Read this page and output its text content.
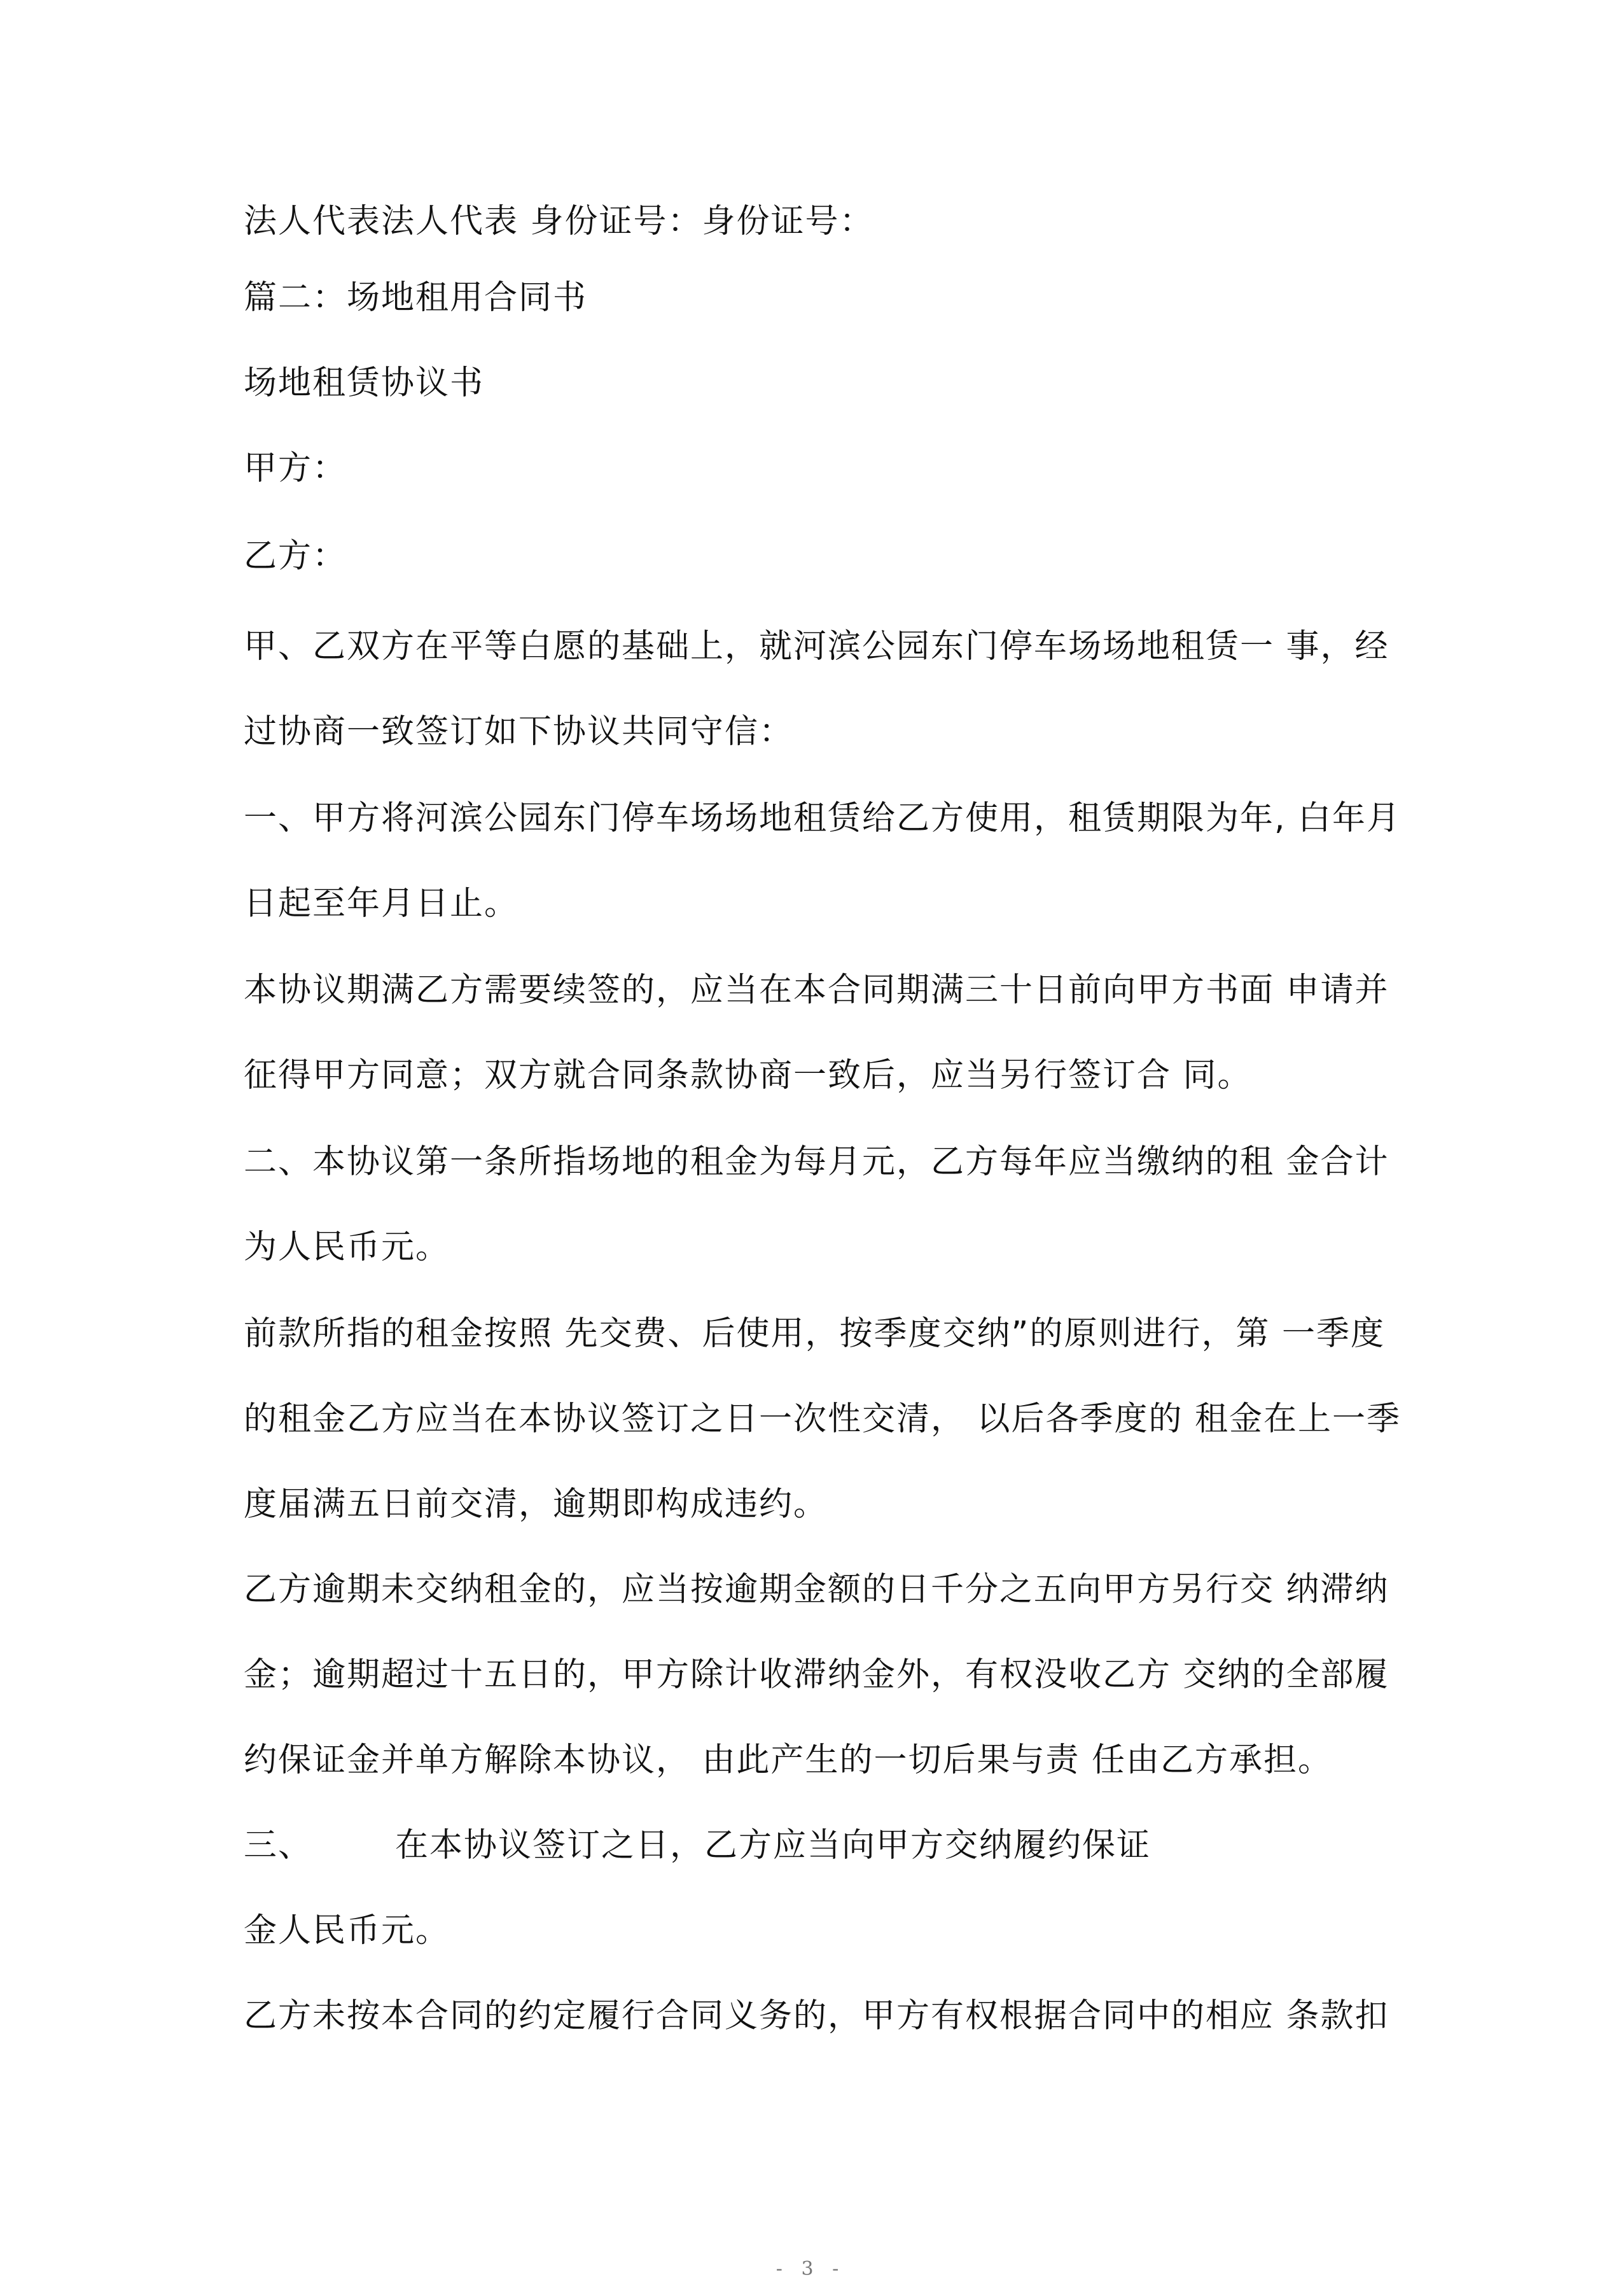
法人代表法人代表 身份证号：身份证号：
篇二：场地租用合同书
场地租赁协议书
甲方：
乙方：
甲、乙双方在平等白愿的基础上，就河滨公园东门停车场场地租赁一 事，经
过协商一致签订如下协议共同守信：
一、甲方将河滨公园东门停车场场地租赁给乙方使用，租赁期限为年, 白年月
日起至年月日止。
本协议期满乙方需要续签的，应当在本合同期满三十日前向甲方书面 申请并
征得甲方同意；双方就合同条款协商一致后，应当另行签订合 同。
二、本协议第一条所指场地的租金为每月元，乙方每年应当缴纳的租 金合计
为人民币元。
前款所指的租金按照 先交费、后使用，按季度交纳”的原则进行，第 一季度
的租金乙方应当在本协议签订之日一次性交清， 以后各季度的 租金在上一季
度届满五日前交清，逾期即构成违约。
乙方逾期未交纳租金的，应当按逾期金额的日千分之五向甲方另行交 纳滞纳
金；逾期超过十五日的，甲方除计收滞纳金外，有权没收乙方 交纳的全部履
约保证金并单方解除本协议， 由此产生的一切后果与责 任由乙方承担。
三、	在本协议签订之日，乙方应当向甲方交纳履约保证
金人民币元。
乙方未按本合同的约定履行合同义务的，甲方有权根据合同中的相应 条款扣
- 3 -
